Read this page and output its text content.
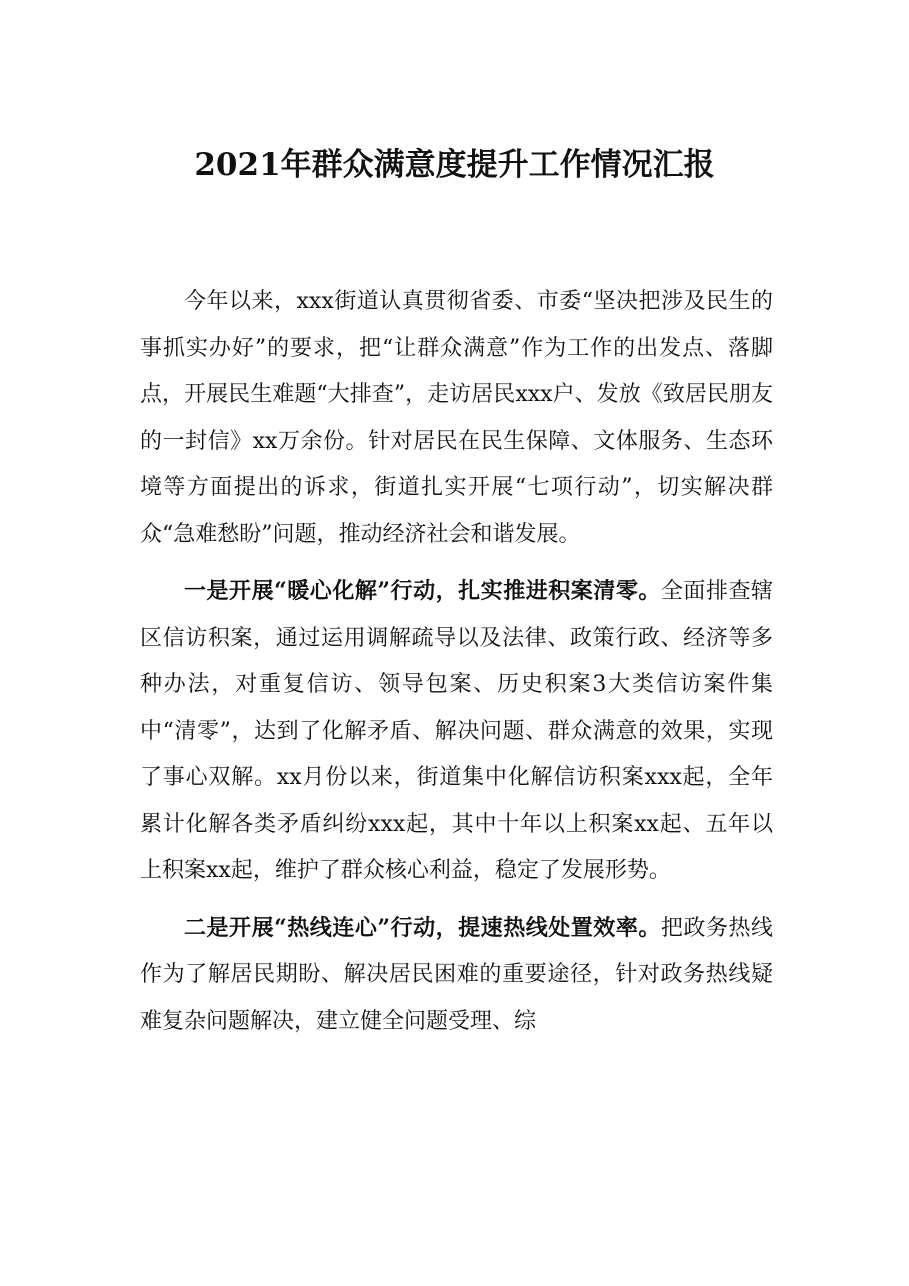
2021年群众满意度提升工作情况汇报

今年以来，xxx街道认真贯彻省委、市委“坚决把涉及民生的事抓实办好”的要求，把“让群众满意”作为工作的出发点、落脚点，开展民生难题“大排查”，走访居民xxx户、发放《致居民朋友的一封信》xx万余份。针对居民在民生保障、文体服务、生态环境等方面提出的诉求，街道扎实开展“七项行动”，切实解决群众“急难愁盼”问题，推动经济社会和谐发展。

一是开展“暖心化解”行动，扎实推进积案清零。全面排查辖区信访积案，通过运用调解疏导以及法律、政策行政、经济等多种办法，对重复信访、领导包案、历史积案3大类信访案件集中“清零”，达到了化解矛盾、解决问题、群众满意的效果，实现了事心双解。xx月份以来，街道集中化解信访积案xxx起，全年累计化解各类矛盾纠纷xxx起，其中十年以上积案xx起、五年以上积案xx起，维护了群众核心利益，稳定了发展形势。

二是开展“热线连心”行动，提速热线处置效率。把政务热线作为了解居民期盼、解决居民困难的重要途径，针对政务热线疑难复杂问题解决，建立健全问题受理、综
